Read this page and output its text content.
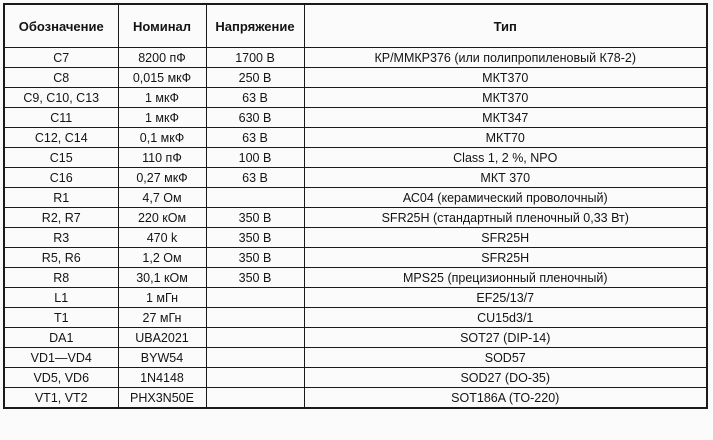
Обозначение	Номинал	Напряжение	Тип
C7	8200 пФ	1700 В	КР/ММКР376 (или полипропиленовый К78-2)
C8	0,015 мкФ	250 В	МКТ370
C9, C10, C13	1 мкФ	63 В	МКТ370
C11	1 мкФ	630 В	МКТ347
C12, C14	0,1 мкФ	63 В	МКТ70
C15	110 пФ	100 В	Class 1, 2 %, NPO
C16	0,27 мкФ	63 В	МКТ 370
R1	4,7 Ом		АС04 (керамический проволочный)
R2, R7	220 кОм	350 В	SFR25H (стандартный пленочный 0,33 Вт)
R3	470 k	350 В	SFR25H
R5, R6	1,2 Ом	350 В	SFR25H
R8	30,1 кОм	350 В	MPS25 (прецизионный пленочный)
L1	1 мГн		EF25/13/7
T1	27 мГн		CU15d3/1
DA1	UBA2021		SOT27 (DIP-14)
VD1—VD4	BYW54		SOD57
VD5, VD6	1N4148		SOD27 (DO-35)
VT1, VT2	PHX3N50E		SOT186A (TO-220)
